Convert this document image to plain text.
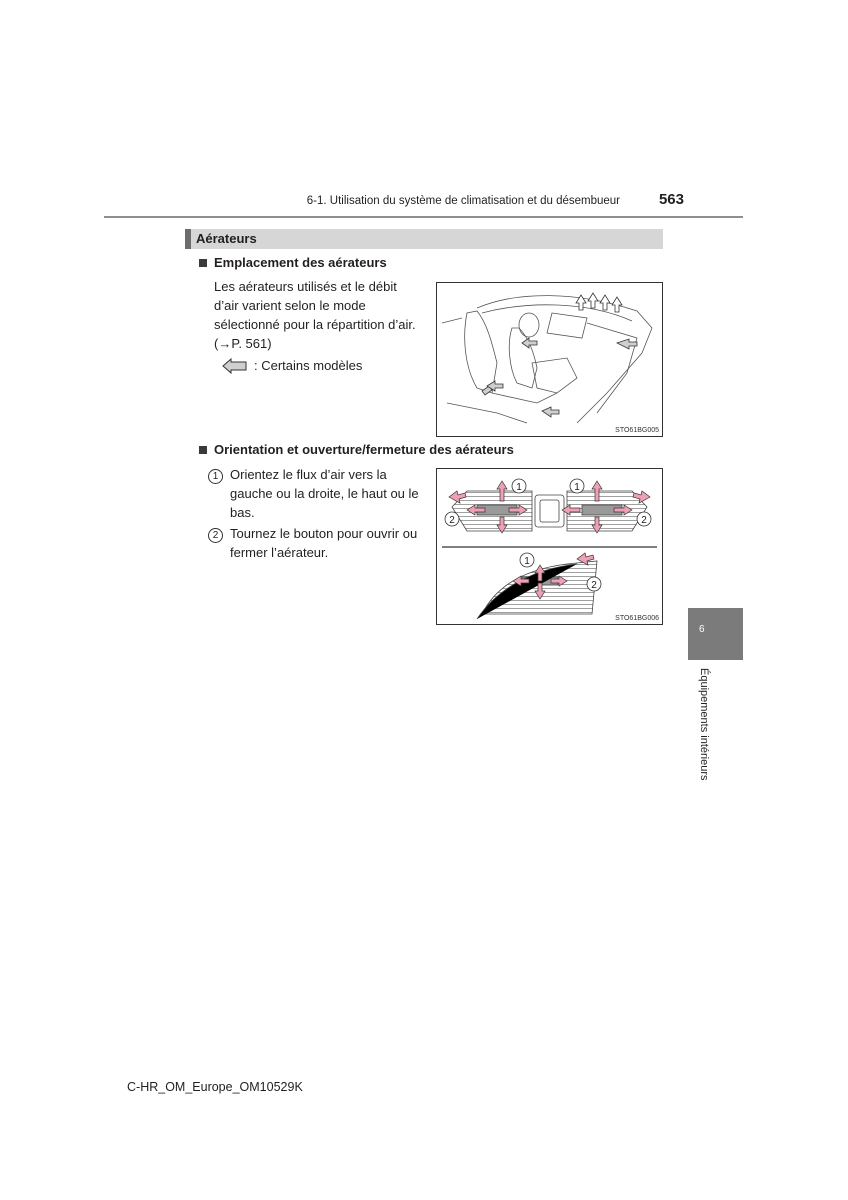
6-1. Utilisation du système de climatisation et du désembueur	563
Aérateurs
Emplacement des aérateurs
Les aérateurs utilisés et le débit
d’air varient selon le mode
sélectionné pour la répartition d’air.
(→P. 561)
: Certains modèles
STO61BG005
Orientation et ouverture/fermeture des aérateurs
1 Orientez le flux d’air vers la
gauche ou la droite, le haut ou le
bas.
2 Tournez le bouton pour ouvrir ou
fermer l’aérateur.
1	1
2	2
1
2
STO61BG006
6
Équipements intérieurs
C-HR_OM_Europe_OM10529K
